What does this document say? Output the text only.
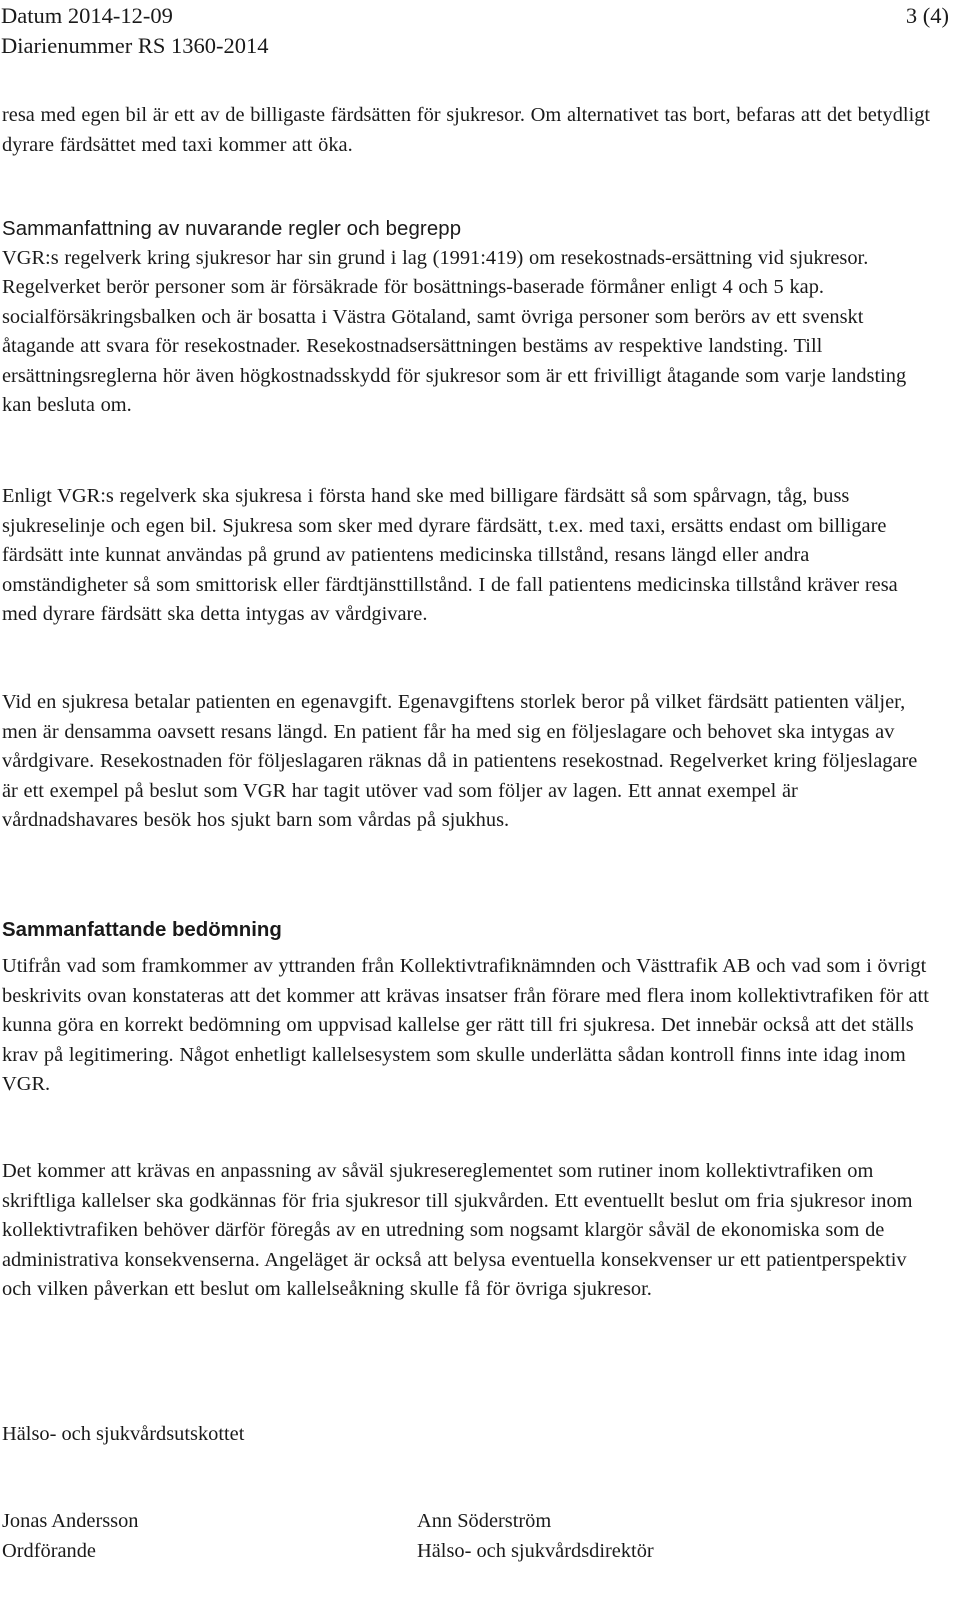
Datum 2014-12-09
Diarienummer RS 1360-2014
3 (4)

resa med egen bil är ett av de billigaste färdsätten för sjukresor. Om alternativet tas bort, befaras att det betydligt dyrare färdsättet med taxi kommer att öka.

Sammanfattning av nuvarande regler och begrepp

VGR:s regelverk kring sjukresor har sin grund i lag (1991:419) om resekostnads-ersättning vid sjukresor. Regelverket berör personer som är försäkrade för bosättnings-baserade förmåner enligt 4 och 5 kap. socialförsäkringsbalken och är bosatta i Västra Götaland, samt övriga personer som berörs av ett svenskt åtagande att svara för resekostnader. Resekostnadsersättningen bestäms av respektive landsting. Till ersättningsreglerna hör även högkostnadsskydd för sjukresor som är ett frivilligt åtagande som varje landsting kan besluta om.

Enligt VGR:s regelverk ska sjukresa i första hand ske med billigare färdsätt så som spårvagn, tåg, buss sjukreselinje och egen bil. Sjukresa som sker med dyrare färdsätt, t.ex. med taxi, ersätts endast om billigare färdsätt inte kunnat användas på grund av patientens medicinska tillstånd, resans längd eller andra omständigheter så som smittorisk eller färdtjänsttillstånd. I de fall patientens medicinska tillstånd kräver resa med dyrare färdsätt ska detta intygas av vårdgivare.

Vid en sjukresa betalar patienten en egenavgift. Egenavgiftens storlek beror på vilket färdsätt patienten väljer, men är densamma oavsett resans längd. En patient får ha med sig en följeslagare och behovet ska intygas av vårdgivare. Resekostnaden för följeslagaren räknas då in patientens resekostnad. Regelverket kring följeslagare är ett exempel på beslut som VGR har tagit utöver vad som följer av lagen. Ett annat exempel är vårdnadshavares besök hos sjukt barn som vårdas på sjukhus.

Sammanfattande bedömning

Utifrån vad som framkommer av yttranden från Kollektivtrafiknämnden och Västtrafik AB och vad som i övrigt beskrivits ovan konstateras att det kommer att krävas insatser från förare med flera inom kollektivtrafiken för att kunna göra en korrekt bedömning om uppvisad kallelse ger rätt till fri sjukresa. Det innebär också att det ställs krav på legitimering. Något enhetligt kallelsesystem som skulle underlätta sådan kontroll finns inte idag inom VGR.

Det kommer att krävas en anpassning av såväl sjukresereglementet som rutiner inom kollektivtrafiken om skriftliga kallelser ska godkännas för fria sjukresor till sjukvården. Ett eventuellt beslut om fria sjukresor inom kollektivtrafiken behöver därför föregås av en utredning som nogsamt klargör såväl de ekonomiska som de administrativa konsekvenserna. Angeläget är också att belysa eventuella konsekvenser ur ett patientperspektiv och vilken påverkan ett beslut om kallelseåkning skulle få för övriga sjukresor.

Hälso- och sjukvårdsutskottet
Jonas Andersson
Ordförande
Ann Söderström
Hälso- och sjukvårdsdirektör
